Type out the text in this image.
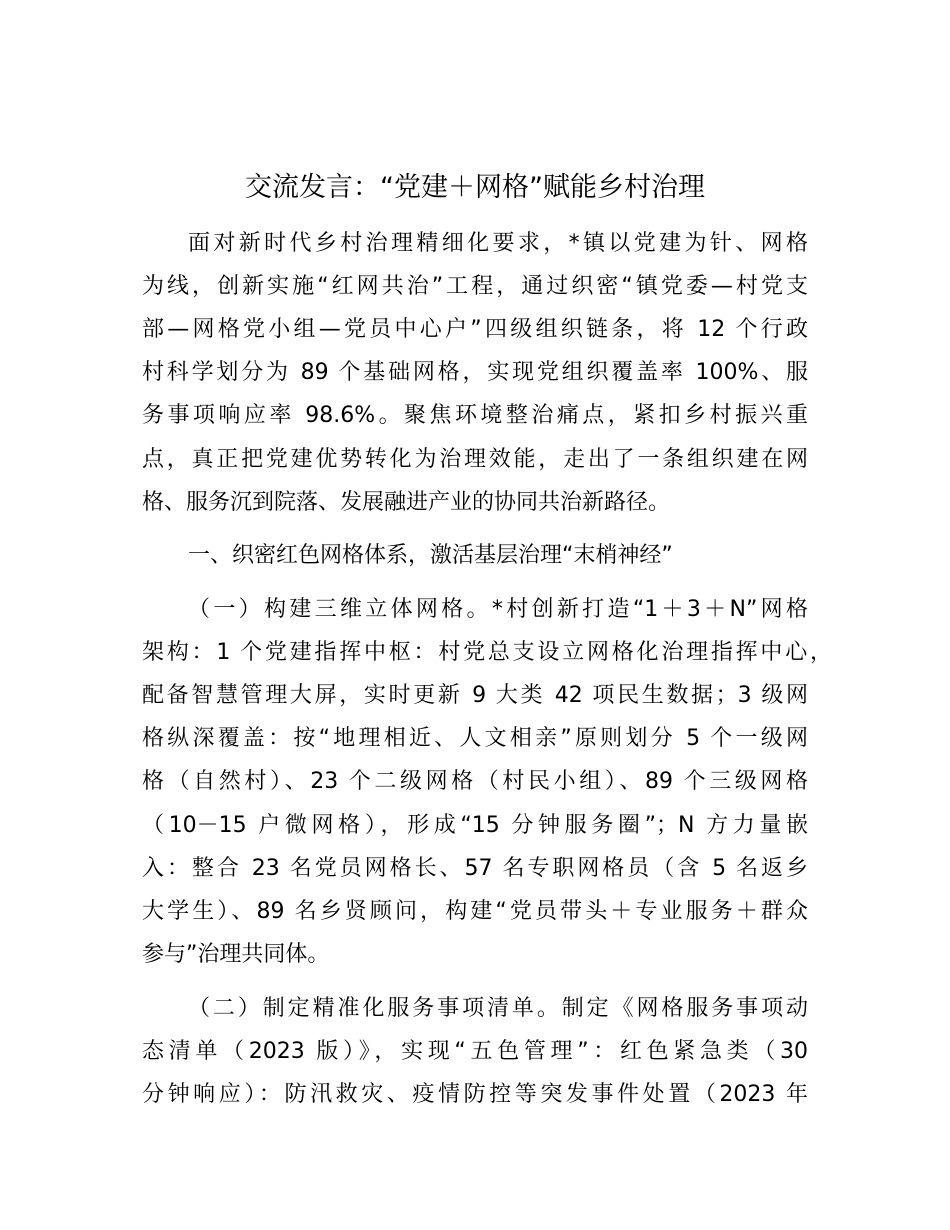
交流发言：“党建＋网格”赋能乡村治理

面对新时代乡村治理精细化要求，*镇以党建为针、网格

为线，创新实施“红网共治”工程，通过织密“镇党委—村党支

部—网格党小组—党员中心户”四级组织链条，将 12 个行政

村科学划分为 89 个基础网格，实现党组织覆盖率 100%、服

务事项响应率 98.6%。聚焦环境整治痛点，紧扣乡村振兴重

点，真正把党建优势转化为治理效能，走出了一条组织建在网

格、服务沉到院落、发展融进产业的协同共治新路径。

一、织密红色网格体系，激活基层治理“末梢神经”

（一）构建三维立体网格。*村创新打造“1＋3＋N”网格

架构：1 个党建指挥中枢：村党总支设立网格化治理指挥中心，

配备智慧管理大屏，实时更新 9 大类 42 项民生数据；3 级网

格纵深覆盖：按“地理相近、人文相亲”原则划分 5 个一级网

格（自然村）、23 个二级网格（村民小组）、89 个三级网格

（10－15 户微网格），形成“15 分钟服务圈”；N 方力量嵌

入：整合 23 名党员网格长、57 名专职网格员（含 5 名返乡

大学生）、89 名乡贤顾问，构建“党员带头＋专业服务＋群众

参与”治理共同体。

（二）制定精准化服务事项清单。制定《网格服务事项动

态清单（2023 版）》，实现“五色管理”：红色紧急类（30

分钟响应）：防汛救灾、疫情防控等突发事件处置（2023 年
